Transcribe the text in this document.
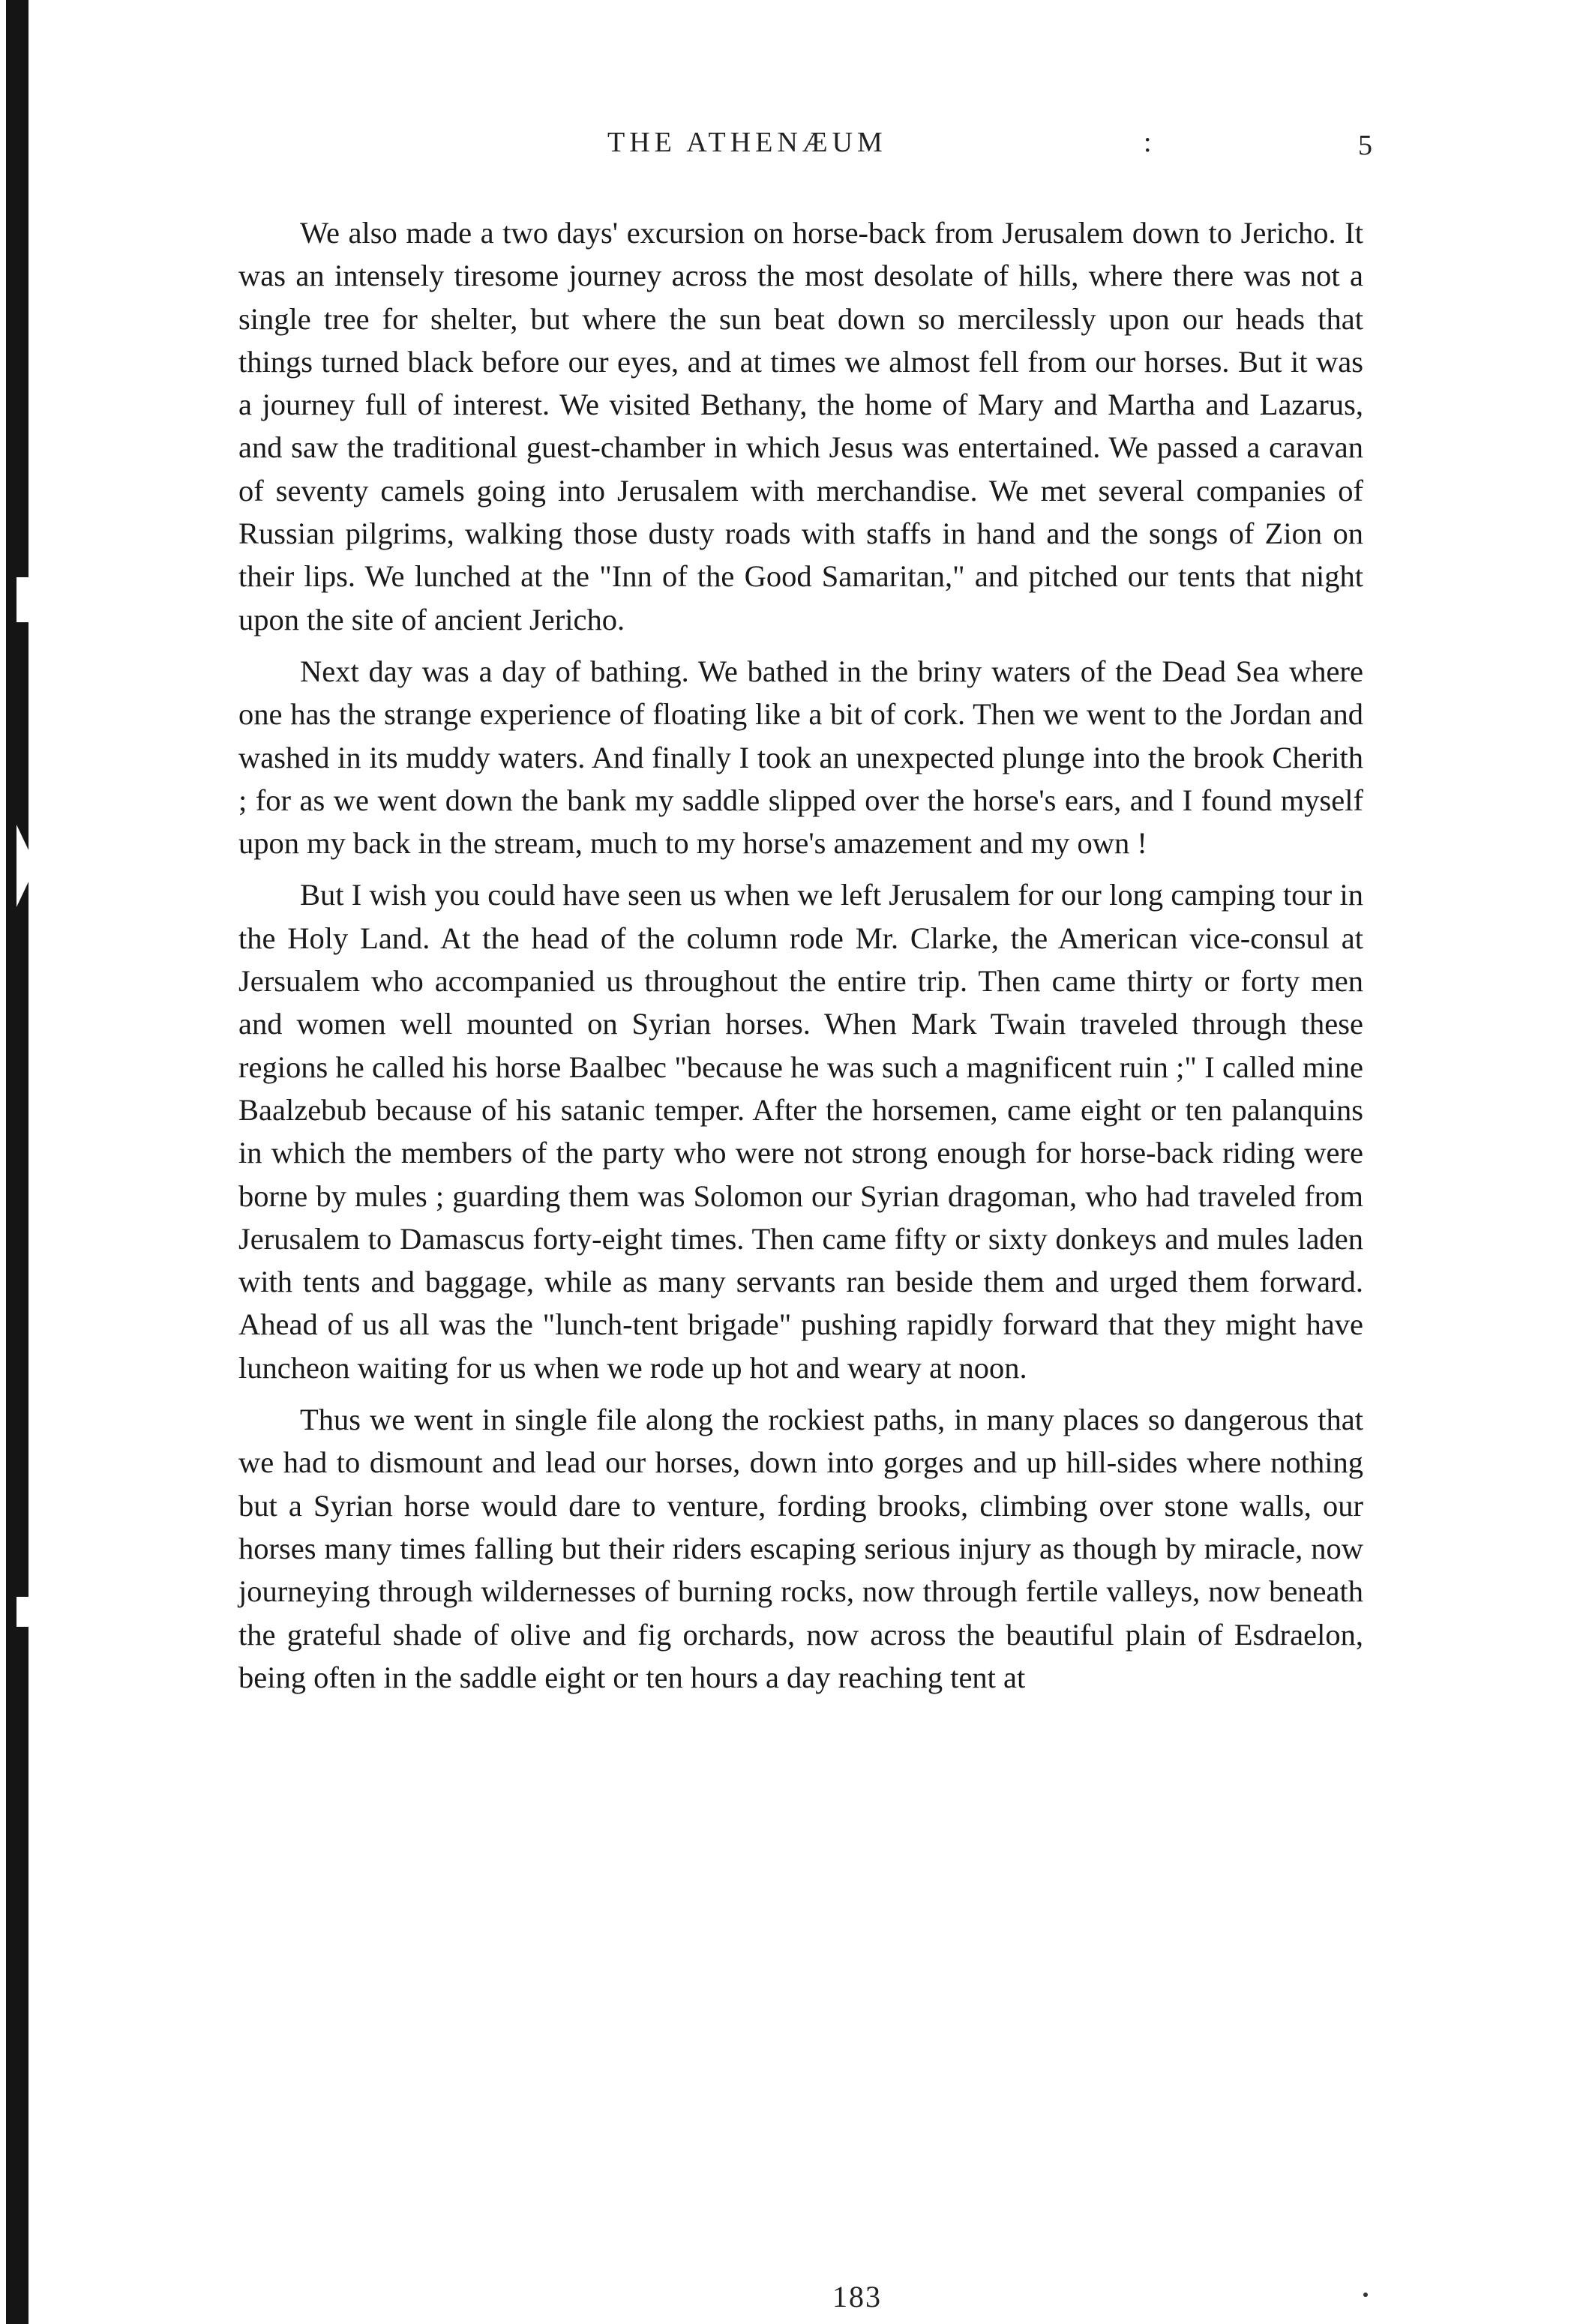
THE ATHENÆUM	:	5

We also made a two days' excursion on horse-back from Jerusalem down to Jericho. It was an intensely tiresome journey across the most desolate of hills, where there was not a single tree for shelter, but where the sun beat down so mercilessly upon our heads that things turned black before our eyes, and at times we almost fell from our horses. But it was a journey full of interest. We visited Bethany, the home of Mary and Martha and Lazarus, and saw the traditional guest-chamber in which Jesus was entertained. We passed a caravan of seventy camels going into Jerusalem with merchandise. We met several companies of Russian pilgrims, walking those dusty roads with staffs in hand and the songs of Zion on their lips. We lunched at the "Inn of the Good Samaritan," and pitched our tents that night upon the site of ancient Jericho.

Next day was a day of bathing. We bathed in the briny waters of the Dead Sea where one has the strange experience of floating like a bit of cork. Then we went to the Jordan and washed in its muddy waters. And finally I took an unexpected plunge into the brook Cherith ; for as we went down the bank my saddle slipped over the horse's ears, and I found myself upon my back in the stream, much to my horse's amazement and my own !

But I wish you could have seen us when we left Jerusalem for our long camping tour in the Holy Land. At the head of the column rode Mr. Clarke, the American vice-consul at Jersualem who accompanied us throughout the entire trip. Then came thirty or forty men and women well mounted on Syrian horses. When Mark Twain traveled through these regions he called his horse Baalbec "because he was such a magnificent ruin ;" I called mine Baalzebub because of his satanic temper. After the horsemen, came eight or ten palanquins in which the members of the party who were not strong enough for horse-back riding were borne by mules ; guarding them was Solomon our Syrian dragoman, who had traveled from Jerusalem to Damascus forty-eight times. Then came fifty or sixty donkeys and mules laden with tents and baggage, while as many servants ran beside them and urged them forward. Ahead of us all was the "lunch-tent brigade" pushing rapidly forward that they might have luncheon waiting for us when we rode up hot and weary at noon.

Thus we went in single file along the rockiest paths, in many places so dangerous that we had to dismount and lead our horses, down into gorges and up hill-sides where nothing but a Syrian horse would dare to venture, fording brooks, climbing over stone walls, our horses many times falling but their riders escaping serious injury as though by miracle, now journeying through wildernesses of burning rocks, now through fertile valleys, now beneath the grateful shade of olive and fig orchards, now across the beautiful plain of Esdraelon, being often in the saddle eight or ten hours a day reaching tent at

183
